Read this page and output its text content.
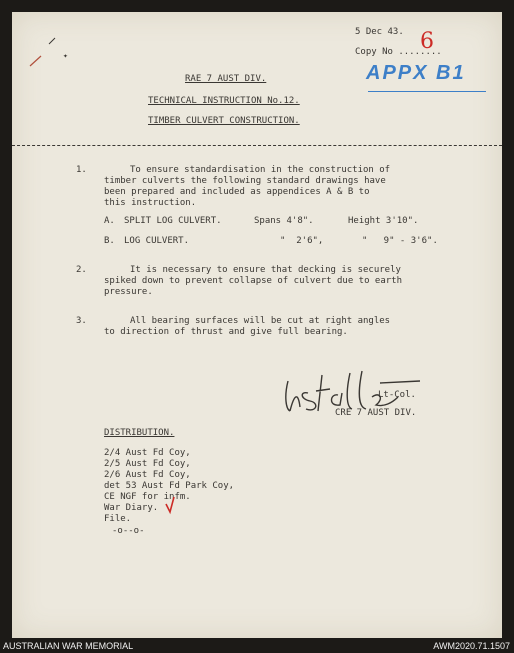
✦
5 Dec 43.
Copy No ........
6
APPX B1
RAE 7 AUST DIV.
TECHNICAL INSTRUCTION No.12.
TIMBER CULVERT CONSTRUCTION.
1.	To ensure standardisation in the construction of
timber culverts the following standard drawings have
been prepared and included as appendices A & B to
this instruction.
A. SPLIT LOG CULVERT.	Spans 4'8".	Height 3'10".
B. LOG CULVERT.	"  2'6",	"   9" - 3'6".
2.	It is necessary to ensure that decking is securely
spiked down to prevent collapse of culvert due to earth
pressure.
3.	All bearing surfaces will be cut at right angles
to direction of thrust and give full bearing.
Lt-Col.
CRE 7 AUST DIV.
DISTRIBUTION.
2/4 Aust Fd Coy,
2/5 Aust Fd Coy,
2/6 Aust Fd Coy,
det 53 Aust Fd Park Coy,
CE NGF for infm.
War Diary.
File.
-o--o-
AUSTRALIAN WAR MEMORIAL	AWM2020.71.1507
